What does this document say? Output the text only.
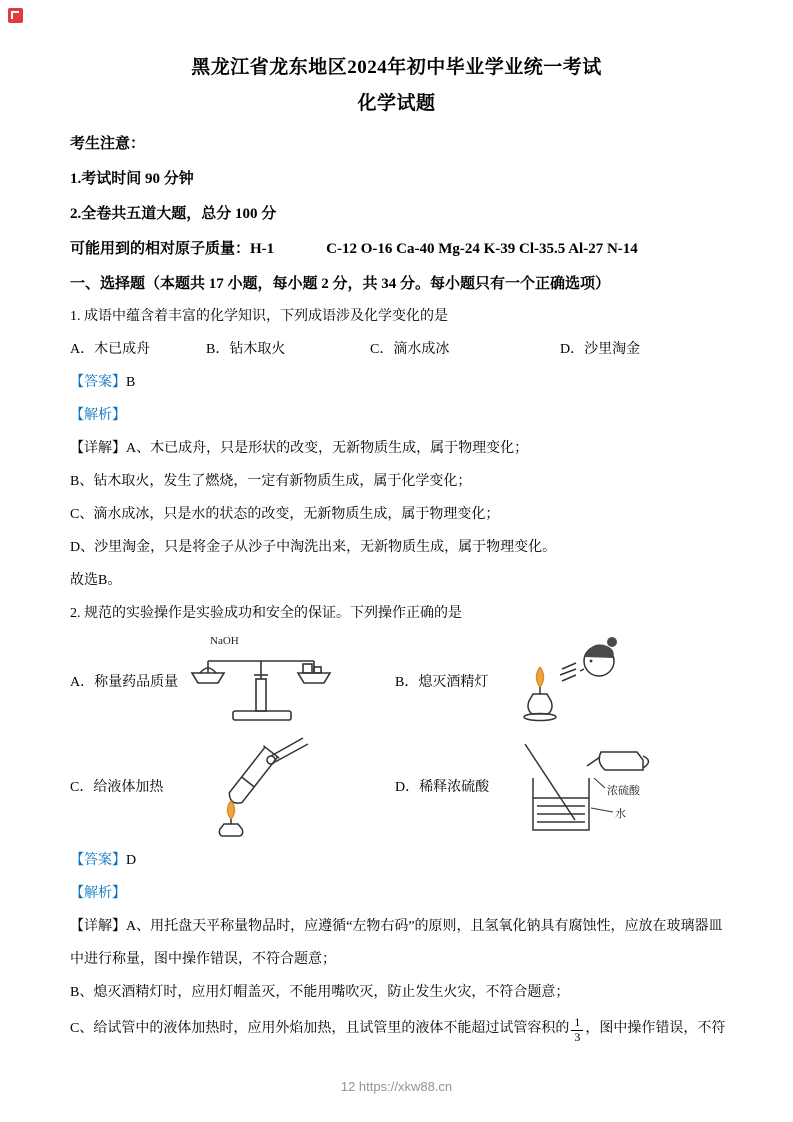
黑龙江省龙东地区2024年初中毕业学业统一考试

化学试题

考生注意：

1.考试时间 90 分钟

2.全卷共五道大题，总分 100 分

可能用到的相对原子质量：H-1	C-12 O-16 Ca-40 Mg-24 K-39 Cl-35.5 Al-27 N-14

一、选择题（本题共 17 小题，每小题 2 分，共 34 分。每小题只有一个正确选项）

1. 成语中蕴含着丰富的化学知识，下列成语涉及化学变化的是

A．木已成舟	B．钻木取火	C．滴水成冰	D．沙里淘金

【答案】B

【解析】

【详解】A、木已成舟，只是形状的改变，无新物质生成，属于物理变化；

B、钻木取火，发生了燃烧，一定有新物质生成，属于化学变化；

C、滴水成冰，只是水的状态的改变，无新物质生成，属于物理变化；

D、沙里淘金，只是将金子从沙子中淘洗出来，无新物质生成，属于物理变化。

故选B。

2. 规范的实验操作是实验成功和安全的保证。下列操作正确的是

A．称量药品质量
NaOH
B．熄灭酒精灯
C．给液体加热	D．稀释浓硫酸	浓硫酸
水

【答案】D

【解析】

【详解】A、用托盘天平称量物品时，应遵循“左物右码”的原则，且氢氧化钠具有腐蚀性，应放在玻璃器皿

中进行称量，图中操作错误，不符合题意；

B、熄灭酒精灯时，应用灯帽盖灭，不能用嘴吹灭，防止发生火灾，不符合题意；

C、给试管中的液体加热时，应用外焰加热，且试管里的液体不能超过试管容积的 $\frac{1}{3}$ ，图中操作错误，不符

12 https://xkw88.cn
